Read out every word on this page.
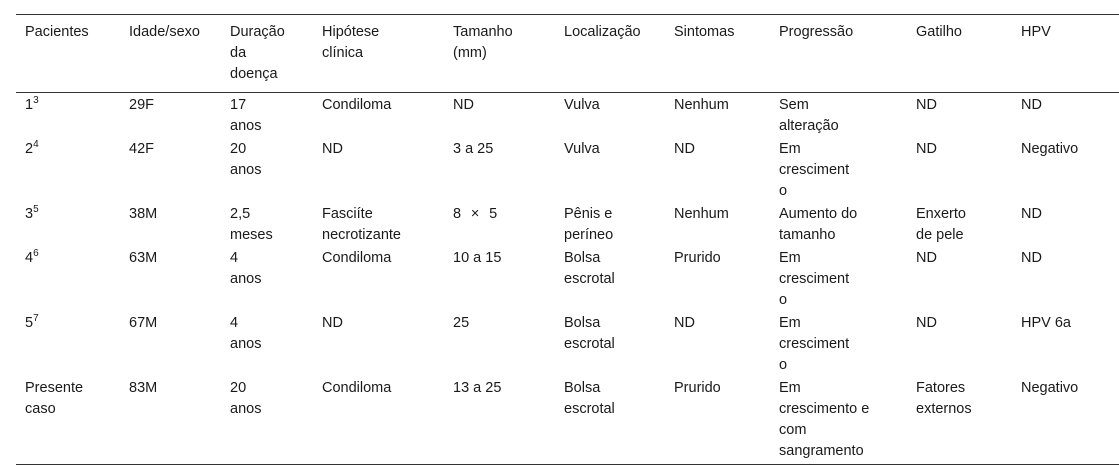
Pacientes	Idade/sexo	Duração da doença	Hipótese clínica	Tamanho (mm)	Localização	Sintomas	Progressão	Gatilho	HPV
$1^3$	29F	17 anos	Condiloma	ND	Vulva	Nenhum	Sem alteração	ND	ND
$2^4$	42F	20 anos	ND	3 a 25	Vulva	ND	Em crescimento	ND	Negativo
$3^5$	38M	2,5 meses	Fasciíte necrotizante	8 × 5	Pênis e períneo	Nenhum	Aumento do tamanho	Enxerto de pele	ND
$4^6$	63M	4 anos	Condiloma	10 a 15	Bolsa escrotal	Prurido	Em crescimento	ND	ND
$5^7$	67M	4 anos	ND	25	Bolsa escrotal	ND	Em crescimento	ND	HPV 6a
Presente caso	83M	20 anos	Condiloma	13 a 25	Bolsa escrotal	Prurido	Em crescimento e com sangramento	Fatores externos	Negativo
